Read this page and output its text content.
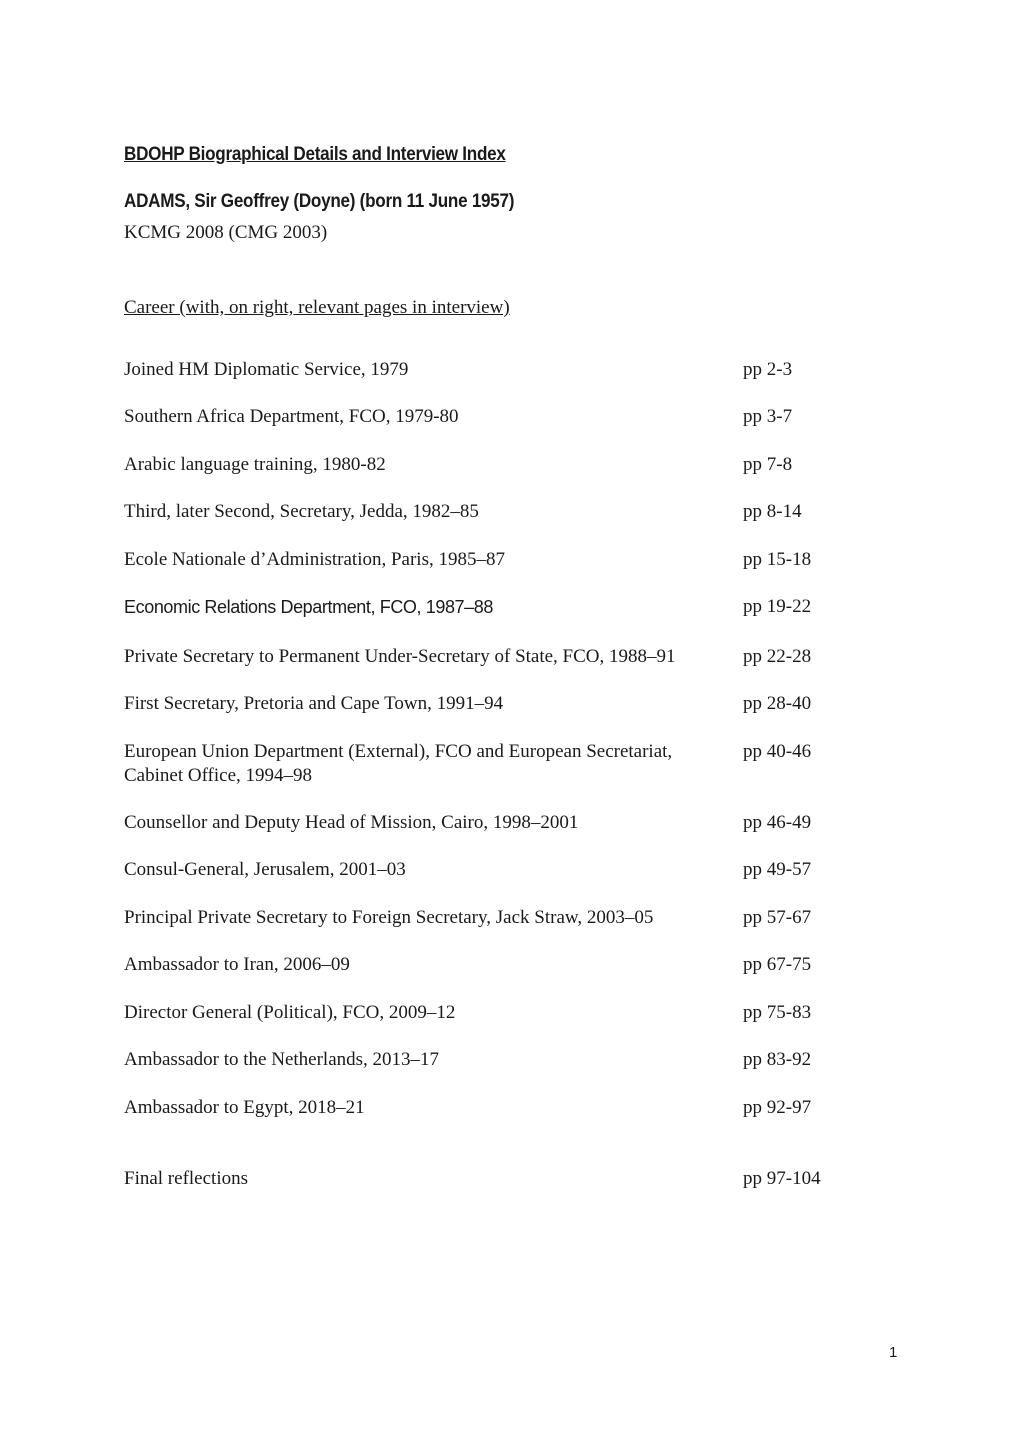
BDOHP Biographical Details and Interview Index
ADAMS, Sir Geoffrey (Doyne) (born 11 June 1957)
KCMG 2008 (CMG 2003)
Career (with, on right, relevant pages in interview)
Joined HM Diplomatic Service, 1979	pp 2-3
Southern Africa Department, FCO, 1979-80	pp 3-7
Arabic language training, 1980-82	pp 7-8
Third, later Second, Secretary, Jedda, 1982–85	pp 8-14
Ecole Nationale d’Administration, Paris, 1985–87	pp 15-18
Economic Relations Department, FCO, 1987–88	pp 19-22
Private Secretary to Permanent Under-Secretary of State, FCO, 1988–91	pp 22-28
First Secretary, Pretoria and Cape Town, 1991–94	pp 28-40
European Union Department (External), FCO and European Secretariat, Cabinet Office, 1994–98
pp 40-46
Counsellor and Deputy Head of Mission, Cairo, 1998–2001	pp 46-49
Consul-General, Jerusalem, 2001–03	pp 49-57
Principal Private Secretary to Foreign Secretary, Jack Straw, 2003–05	pp 57-67
Ambassador to Iran, 2006–09	pp 67-75
Director General (Political), FCO, 2009–12	pp 75-83
Ambassador to the Netherlands, 2013–17	pp 83-92
Ambassador to Egypt, 2018–21	pp 92-97
Final reflections	pp 97-104
1
